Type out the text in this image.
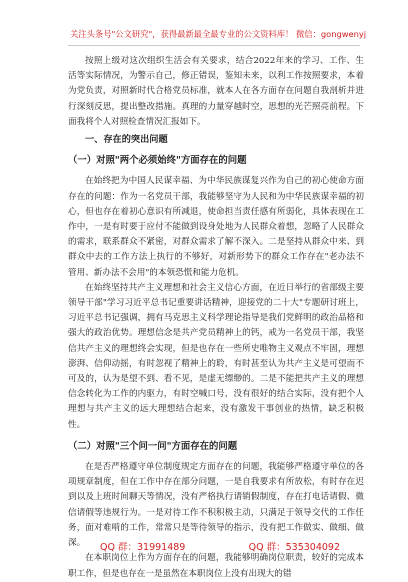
关注头条号"公文研究"，获得最新最全最专业的公文资料库！ 微信：gongwenyj

按照上级对这次组织生活会有关要求，结合2022年来的学习、工作、生活等实际情况，为警示自己，修正错误，鉴知未来，以利工作按照要求，本着为党负责，对照新时代合格党员标准，就本人在各方面存在问题自我剖析并进行深刻反思，提出整改措施。真理的力量穿越时空，思想的光芒照亮前程。下面我将个人对照检查情况汇报如下。

一、存在的突出问题
（一）对照"两个必须始终"方面存在的问题

在始终把为中国人民谋幸福、为中华民族谋复兴作为自己的初心使命方面存在的问题：作为一名党员干部，我能够坚守为人民和为中华民族谋幸福的初心，但也存在着初心意识有所减退，使命担当责任感有所弱化，具体表现在工作中，一是有时要于应付不能做到设身处地为人民群众着想，忽略了人民群众的需求，联系群众不紧密，对群众需求了解不深入。二是坚持从群众中来、到群众中去的工作方法上执行的不够好，对新形势下的群众工作存在"老办法不管用、新办法不会用"的本领恐慌和能力危机。

在始终坚持共产主义理想和社会主义信心方面，在近日举行的省部级主要领导干部"学习习近平总书记重要讲话精神，迎接党的二十大"专题研讨班上，习近平总书记强调，拥有马克思主义科学理论指导是我们党鲜明的政治品格和强大的政治优势。理想信念是共产党员精神上的钙，戒为一名党员干部，我坚信共产主义的理想终会实现，但是也存在一些所史唯物主义观点不牢固，理想澎湃、信仰动摇，有时忽视了精神上的聆，有时甚至认为共产主义是可望而不可及的，认为是望不到、看不见，是虚无缥缈的。二是不能把共产主义的理想信念转化为工作的内驱力，有时空喊口号，没有很好的结合实际，没有把个人理想与共产主义的远大理想结合起来，没有激发干事创业的热情，缺乏积极性。

（二）对照"三个问一问"方面存在的问题

在是否严格遵守单位制度规定方面存在的问题，我能够严格遵守单位的各项规章制度，但在工作中存在部分问题，一是自我要求有所放松，有时存在迟到以及上班时间聊天等情况，没有严格执行请销假制度，存在打电话请假、微信请假等违规行为。一是对待工作不积积极主动，只满足于领导交代的工作任务，面对难啃的工作，常常只是等待领导的指示，没有把工作做实、做细、做深。

在本职岗位上作为方面存在的问题，我能够明确岗位职责，较好的完成本职工作，但是也存在一是虽然在本职岗位上没有出现大的错

QQ 群：31991489	QQ 群：535304092
